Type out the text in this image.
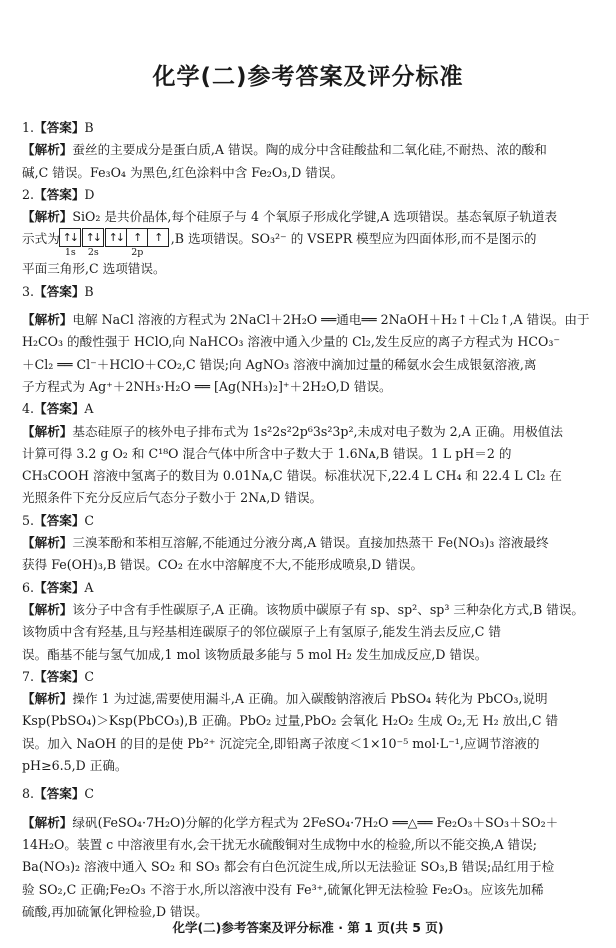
化学(二)参考答案及评分标准

1.【答案】B

【解析】蚕丝的主要成分是蛋白质,A 错误。陶的成分中含硅酸盐和二氧化硅,不耐热、浓的酸和

碱,C 错误。Fe₃O₄ 为黑色,红色涂料中含 Fe₂O₃,D 错误。

2.【答案】D

【解析】SiO₂ 是共价晶体,每个硅原子与 4 个氧原子形成化学键,A 选项错误。基态氧原子轨道表

示式为 ↑↓
1s
↑↓
2s
↑↓ ↑	↑
2p
,B 选项错误。SO₃²⁻ 的 VSEPR 模型应为四面体形,而不是图示的

平面三角形,C 选项错误。

3.【答案】B

【解析】电解 NaCl 溶液的方程式为 2NaCl＋2H₂O ══通电══ 2NaOH＋H₂↑＋Cl₂↑,A 错误。由于

H₂CO₃ 的酸性强于 HClO,向 NaHCO₃ 溶液中通入少量的 Cl₂,发生反应的离子方程式为 HCO₃⁻

＋Cl₂ ══ Cl⁻＋HClO＋CO₂,C 错误;向 AgNO₃ 溶液中滴加过量的稀氨水会生成银氨溶液,离

子方程式为 Ag⁺＋2NH₃·H₂O ══ [Ag(NH₃)₂]⁺＋2H₂O,D 错误。

4.【答案】A

【解析】基态硅原子的核外电子排布式为 1s²2s²2p⁶3s²3p²,未成对电子数为 2,A 正确。用极值法

计算可得 3.2 g O₂ 和 C¹⁸O 混合气体中所含中子数大于 1.6Nᴀ,B 错误。1 L pH＝2 的

CH₃COOH 溶液中氢离子的数目为 0.01Nᴀ,C 错误。标准状况下,22.4 L CH₄ 和 22.4 L Cl₂ 在

光照条件下充分反应后气态分子数小于 2Nᴀ,D 错误。

5.【答案】C

【解析】三溴苯酚和苯相互溶解,不能通过分液分离,A 错误。直接加热蒸干 Fe(NO₃)₃ 溶液最终

获得 Fe(OH)₃,B 错误。CO₂ 在水中溶解度不大,不能形成喷泉,D 错误。

6.【答案】A

【解析】该分子中含有手性碳原子,A 正确。该物质中碳原子有 sp、sp²、sp³ 三种杂化方式,B 错误。

该物质中含有羟基,且与羟基相连碳原子的邻位碳原子上有氢原子,能发生消去反应,C 错

误。酯基不能与氢气加成,1 mol 该物质最多能与 5 mol H₂ 发生加成反应,D 错误。

7.【答案】C

【解析】操作 1 为过滤,需要使用漏斗,A 正确。加入碳酸钠溶液后 PbSO₄ 转化为 PbCO₃,说明

Ksp(PbSO₄)＞Ksp(PbCO₃),B 正确。PbO₂ 过量,PbO₂ 会氧化 H₂O₂ 生成 O₂,无 H₂ 放出,C 错

误。加入 NaOH 的目的是使 Pb²⁺ 沉淀完全,即铅离子浓度＜1×10⁻⁵ mol·L⁻¹,应调节溶液的

pH≥6.5,D 正确。

8.【答案】C

【解析】绿矾(FeSO₄·7H₂O)分解的化学方程式为 2FeSO₄·7H₂O ══△══ Fe₂O₃＋SO₃＋SO₂＋

14H₂O。装置 c 中溶液里有水,会干扰无水硫酸铜对生成物中水的检验,所以不能交换,A 错误;

Ba(NO₃)₂ 溶液中通入 SO₂ 和 SO₃ 都会有白色沉淀生成,所以无法验证 SO₃,B 错误;品红用于检

验 SO₂,C 正确;Fe₂O₃ 不溶于水,所以溶液中没有 Fe³⁺,硫氰化钾无法检验 Fe₂O₃。应该先加稀

硫酸,再加硫氰化钾检验,D 错误。

化学(二)参考答案及评分标准 · 第 1 页(共 5 页)
